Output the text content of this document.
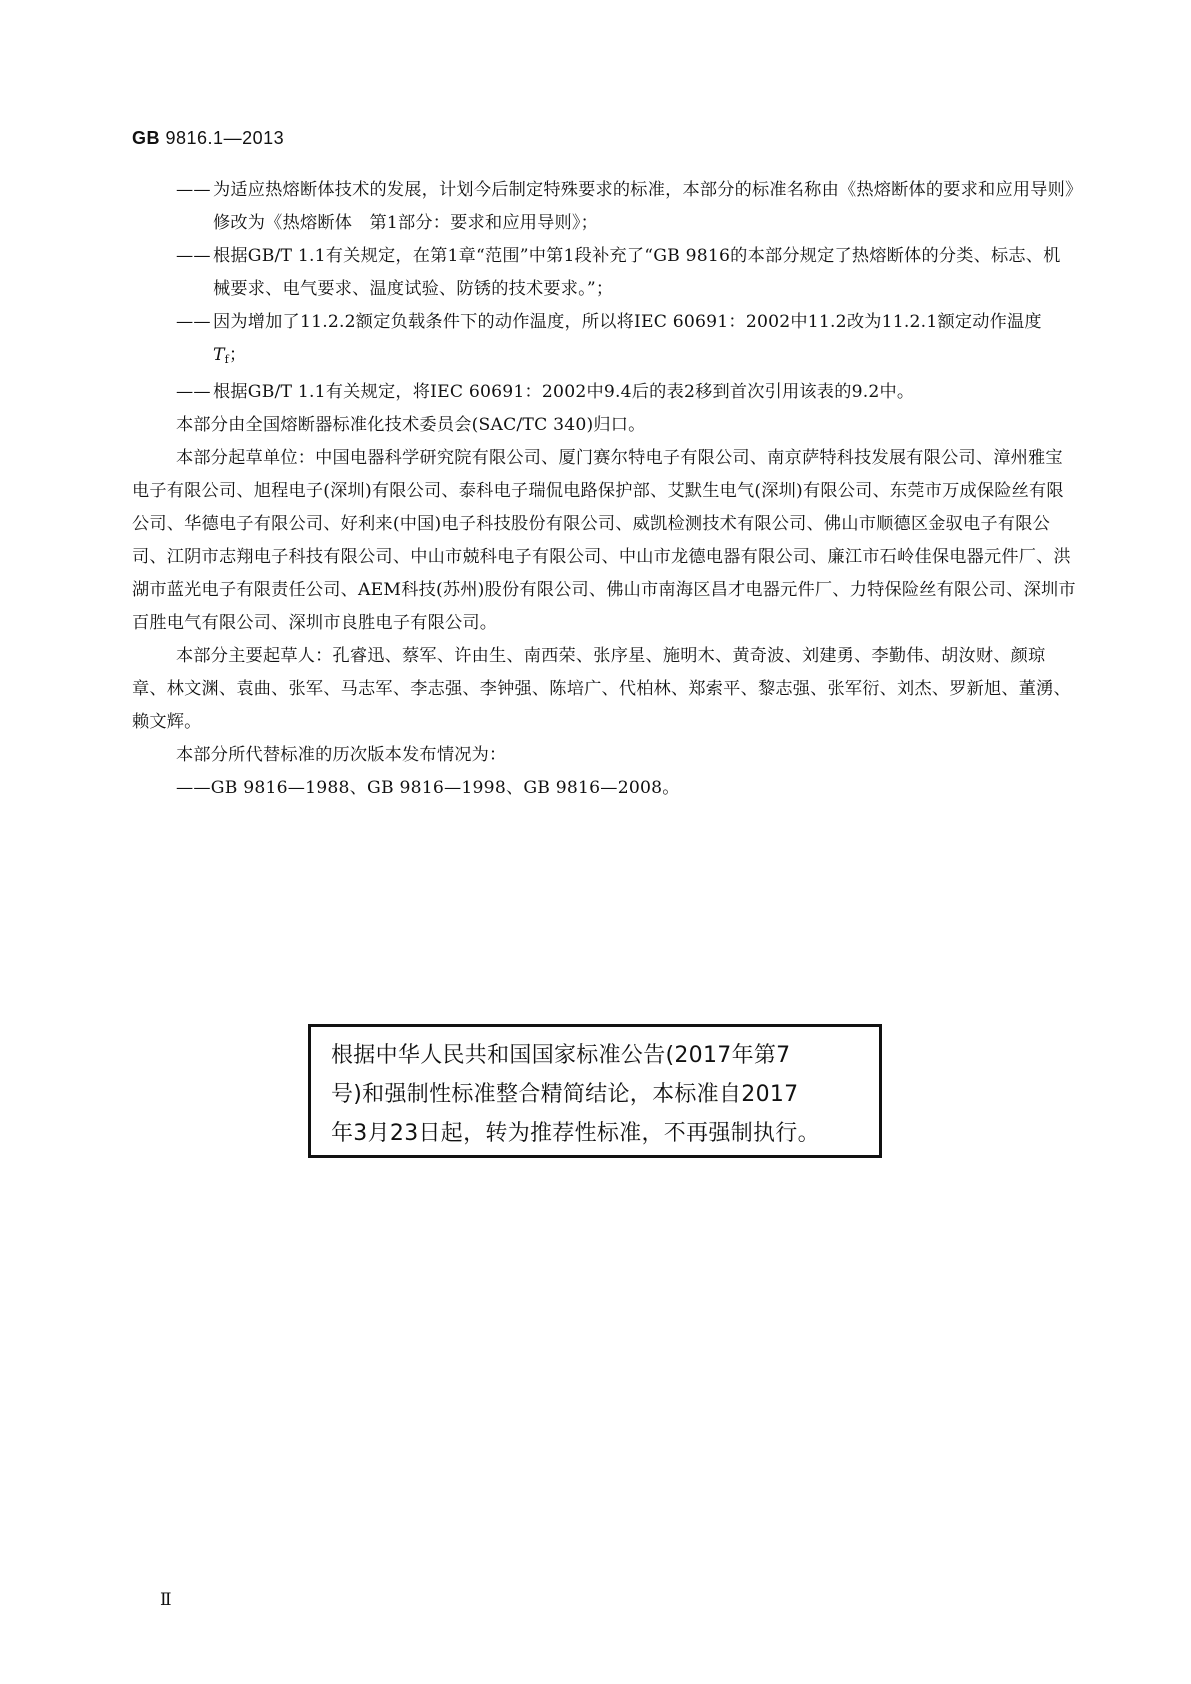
GB 9816.1—2013

—— 为适应热熔断体技术的发展，计划今后制定特殊要求的标准，本部分的标准名称由《热熔断体的要求和应用导则》修改为《热熔断体　第1部分：要求和应用导则》；

—— 根据GB/T 1.1有关规定，在第1章“范围”中第1段补充了“GB 9816的本部分规定了热熔断体的分类、标志、机械要求、电气要求、温度试验、防锈的技术要求。”；

—— 因为增加了11.2.2额定负载条件下的动作温度，所以将IEC 60691：2002中11.2改为11.2.1额定动作温度 $T_f$；

—— 根据GB/T 1.1有关规定，将IEC 60691：2002中9.4后的表2移到首次引用该表的9.2中。

本部分由全国熔断器标准化技术委员会(SAC/TC 340)归口。

本部分起草单位：中国电器科学研究院有限公司、厦门赛尔特电子有限公司、南京萨特科技发展有限公司、漳州雅宝电子有限公司、旭程电子(深圳)有限公司、泰科电子瑞侃电路保护部、艾默生电气(深圳)有限公司、东莞市万成保险丝有限公司、华德电子有限公司、好利来(中国)电子科技股份有限公司、威凯检测技术有限公司、佛山市顺德区金驭电子有限公司、江阴市志翔电子科技有限公司、中山市兢科电子有限公司、中山市龙德电器有限公司、廉江市石岭佳保电器元件厂、洪湖市蓝光电子有限责任公司、AEM科技(苏州)股份有限公司、佛山市南海区昌才电器元件厂、力特保险丝有限公司、深圳市百胜电气有限公司、深圳市良胜电子有限公司。

本部分主要起草人：孔睿迅、蔡军、许由生、南西荣、张序星、施明木、黄奇波、刘建勇、李勤伟、胡汝财、颜琼章、林文渊、袁曲、张军、马志军、李志强、李钟强、陈培广、代柏林、郑索平、黎志强、张军衍、刘杰、罗新旭、董湧、赖文辉。

本部分所代替标准的历次版本发布情况为：

——GB 9816—1988、GB 9816—1998、GB 9816—2008。

根据中华人民共和国国家标准公告(2017年第7
号)和强制性标准整合精简结论，本标准自2017
年3月23日起，转为推荐性标准，不再强制执行。
Ⅱ
